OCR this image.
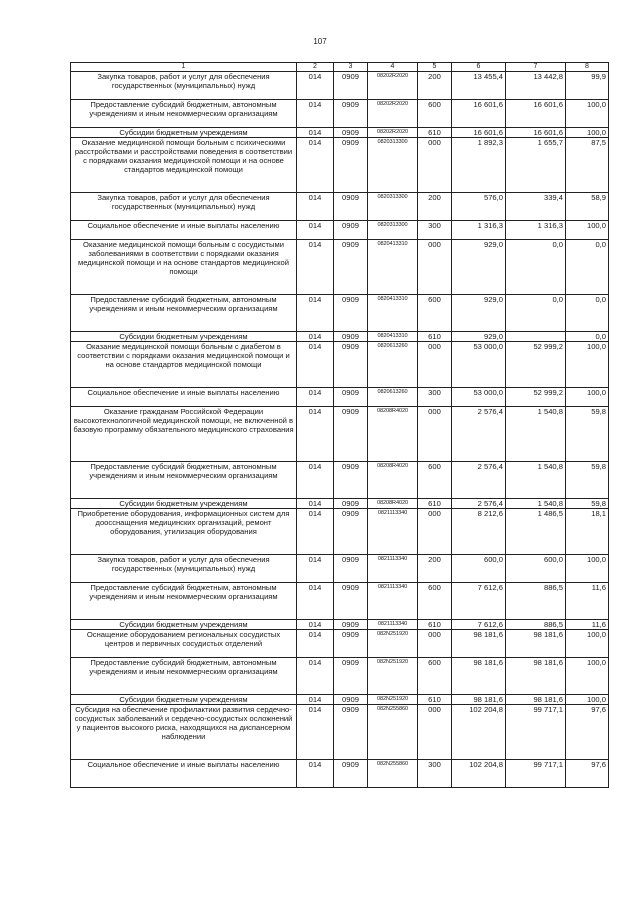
107
1	2	3	4	5	6	7	8
Закупка товаров, работ и услуг для обеспечения государственных (муниципальных) нужд	014	0909	08202R2020	200	13 455,4	13 442,8	99,9
Предоставление субсидий бюджетным, автономным учреждениям и иным некоммерческим организациям	014	0909	08202R2020	600	16 601,6	16 601,6	100,0
Субсидии бюджетным учреждениям	014	0909	08202R2020	610	16 601,6	16 601,6	100,0
Оказание медицинской помощи больным с психическими расстройствами и расстройствами поведения в соответствии с порядками оказания медицинской помощи и на основе стандартов медицинской помощи	014	0909	0820313300	000	1 892,3	1 655,7	87,5
Закупка товаров, работ и услуг для обеспечения государственных (муниципальных) нужд	014	0909	0820313300	200	576,0	339,4	58,9
Социальное обеспечение и иные выплаты населению	014	0909	0820313300	300	1 316,3	1 316,3	100,0
Оказание медицинской помощи больным с сосудистыми заболеваниями в соответствии с порядками оказания медицинской помощи и на основе стандартов медицинской помощи	014	0909	0820413310	000	929,0	0,0	0,0
Предоставление субсидий бюджетным, автономным учреждениям и иным некоммерческим организациям	014	0909	0820413310	600	929,0	0,0	0,0
Субсидии бюджетным учреждениям	014	0909	0820413310	610	929,0		0,0
Оказание медицинской помощи больным с диабетом в соответствии с порядками оказания медицинской помощи и на основе стандартов медицинской помощи	014	0909	0820613260	000	53 000,0	52 999,2	100,0
Социальное обеспечение и иные выплаты населению	014	0909	0820613260	300	53 000,0	52 999,2	100,0
Оказание гражданам Российской Федерации высокотехнологичной медицинской помощи, не включенной в базовую программу обязательного медицинского страхования	014	0909	08208R4020	000	2 576,4	1 540,8	59,8
Предоставление субсидий бюджетным, автономным учреждениям и иным некоммерческим организациям	014	0909	08208R4020	600	2 576,4	1 540,8	59,8
Субсидии бюджетным учреждениям	014	0909	08208R4020	610	2 576,4	1 540,8	59,8
Приобретение оборудования, информационных систем для доосснащения медицинских организаций, ремонт оборудования, утилизация оборудования	014	0909	0821113340	000	8 212,6	1 486,5	18,1
Закупка товаров, работ и услуг для обеспечения государственных (муниципальных) нужд	014	0909	0821113340	200	600,0	600,0	100,0
Предоставление субсидий бюджетным, автономным учреждениям и иным некоммерческим организациям	014	0909	0821113340	600	7 612,6	886,5	11,6
Субсидии бюджетным учреждениям	014	0909	0821113340	610	7 612,6	886,5	11,6
Оснащение оборудованием региональных сосудистых центров и первичных сосудистых отделений	014	0909	082N251920	000	98 181,6	98 181,6	100,0
Предоставление субсидий бюджетным, автономным учреждениям и иным некоммерческим организациям	014	0909	082N251920	600	98 181,6	98 181,6	100,0
Субсидии бюджетным учреждениям	014	0909	082N251920	610	98 181,6	98 181,6	100,0
Субсидия на обеспечение профилактики развития сердечно-сосудистых заболеваний и сердечно-сосудистых осложнений у пациентов высокого риска, находящихся на диспансерном наблюдении	014	0909	082N255860	000	102 204,8	99 717,1	97,6
Социальное обеспечение и иные выплаты населению	014	0909	082N255860	300	102 204,8	99 717,1	97,6
